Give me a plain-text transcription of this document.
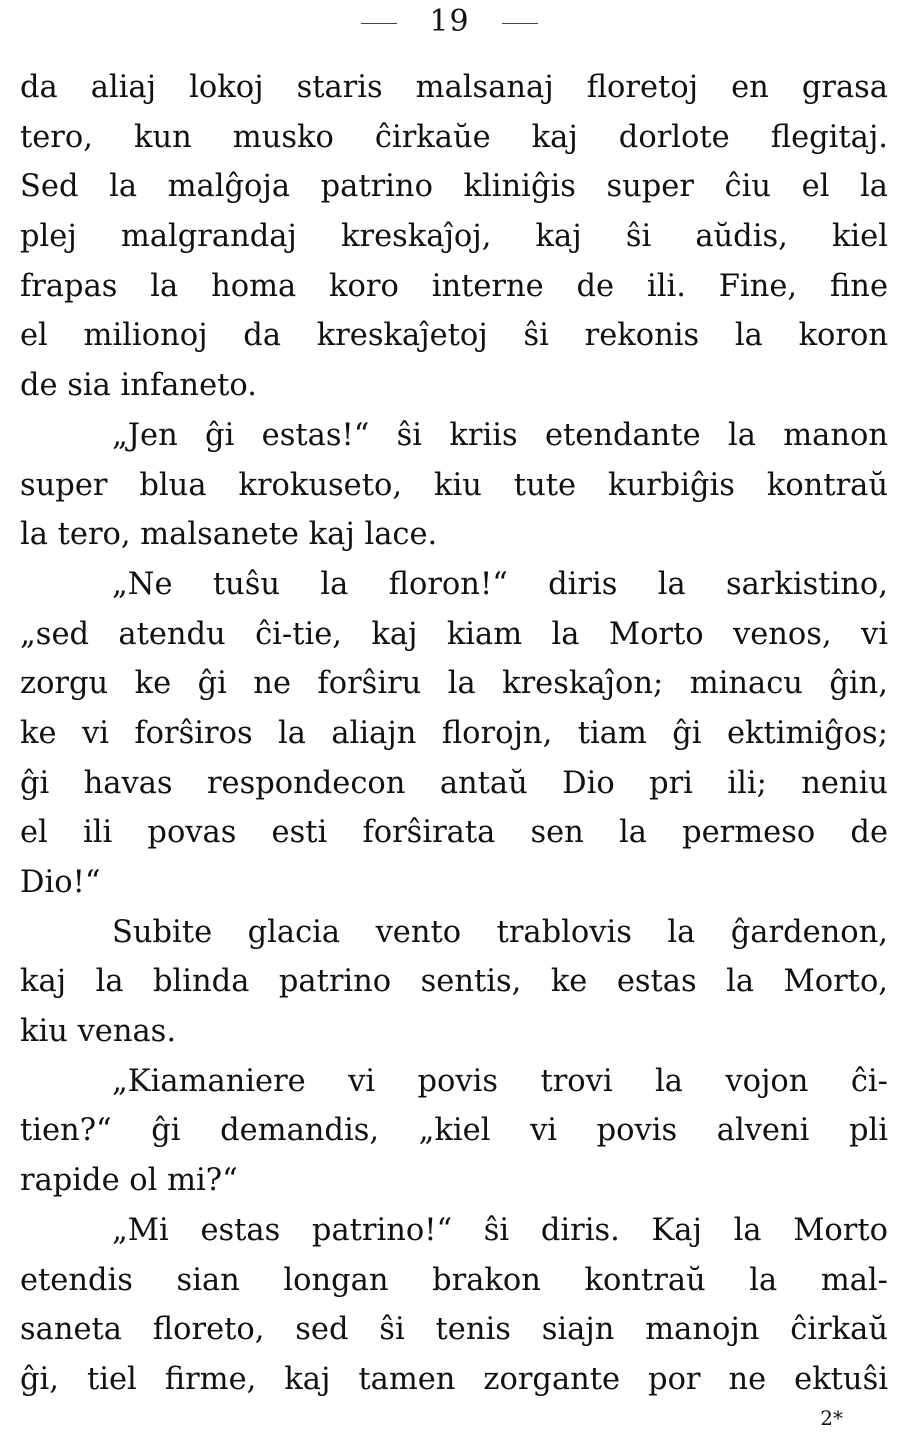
19
da aliaj lokoj staris malsanaj floretoj en grasa
tero, kun musko ĉirkaŭe kaj dorlote flegitaj.
Sed la malĝoja patrino kliniĝis super ĉiu el la
plej malgrandaj kreskaĵoj, kaj ŝi aŭdis, kiel
frapas la homa koro interne de ili. Fine, fine
el milionoj da kreskaĵetoj ŝi rekonis la koron
de sia infaneto.
„Jen ĝi estas!“ ŝi kriis etendante la manon
super blua krokuseto, kiu tute kurbiĝis kontraŭ
la tero, malsanete kaj lace.
„Ne tuŝu la floron!“ diris la sarkistino,
„sed atendu ĉi-tie, kaj kiam la Morto venos, vi
zorgu ke ĝi ne forŝiru la kreskaĵon; minacu ĝin,
ke vi forŝiros la aliajn florojn, tiam ĝi ektimiĝos;
ĝi havas respondecon antaŭ Dio pri ili; neniu
el ili povas esti forŝirata sen la permeso de
Dio!“
Subite glacia vento trablovis la ĝardenon,
kaj la blinda patrino sentis, ke estas la Morto,
kiu venas.
„Kiamaniere vi povis trovi la vojon ĉi-
tien?“ ĝi demandis, „kiel vi povis alveni pli
rapide ol mi?“
„Mi estas patrino!“ ŝi diris. Kaj la Morto
etendis sian longan brakon kontraŭ la mal-
saneta floreto, sed ŝi tenis siajn manojn ĉirkaŭ
ĝi, tiel firme, kaj tamen zorgante por ne ektuŝi
2*
